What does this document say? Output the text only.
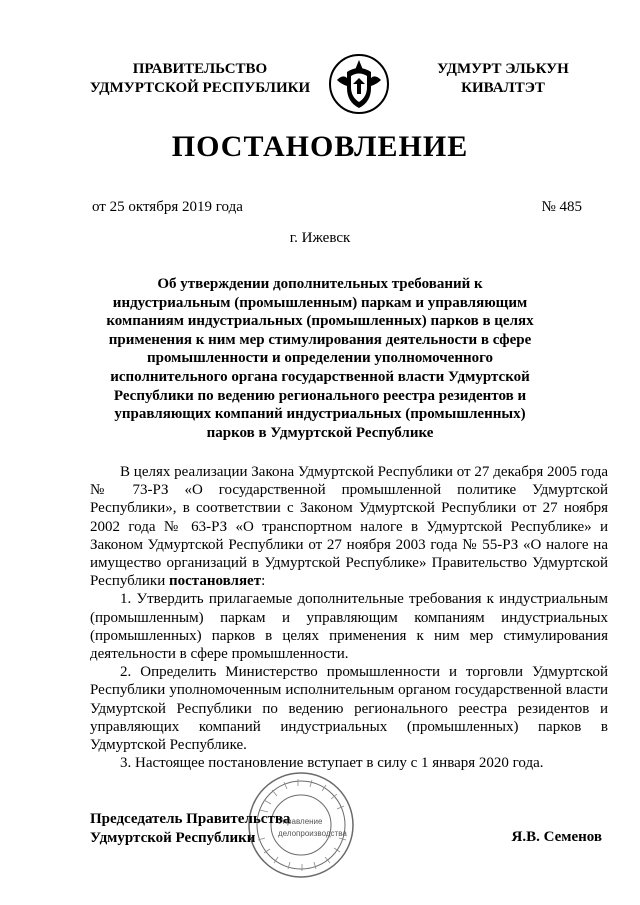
ПРАВИТЕЛЬСТВО
УДМУРТСКОЙ РЕСПУБЛИКИ
УДМУРТ ЭЛЬКУН
КИВАЛТЭТ
ПОСТАНОВЛЕНИЕ
от 25 октября 2019 года	№ 485
г. Ижевск
Об утверждении дополнительных требований к индустриальным (промышленным) паркам и управляющим компаниям индустриальных (промышленных) парков в целях применения к ним мер стимулирования деятельности в сфере промышленности и определении уполномоченного исполнительного органа государственной власти Удмуртской Республики по ведению регионального реестра резидентов и управляющих компаний индустриальных (промышленных) парков в Удмуртской Республике

В целях реализации Закона Удмуртской Республики от 27 декабря 2005 года № 73-РЗ «О государственной промышленной политике Удмуртской Республики», в соответствии с Законом Удмуртской Республики от 27 ноября 2002 года № 63-РЗ «О транспортном налоге в Удмуртской Республике» и Законом Удмуртской Республики от 27 ноября 2003 года № 55-РЗ «О налоге на имущество организаций в Удмуртской Республике» Правительство Удмуртской Республики постановляет:

1. Утвердить прилагаемые дополнительные требования к индустриальным (промышленным) паркам и управляющим компаниям индустриальных (промышленных) парков в целях применения к ним мер стимулирования деятельности в сфере промышленности.

2. Определить Министерство промышленности и торговли Удмуртской Республики уполномоченным исполнительным органом государственной власти Удмуртской Республики по ведению регионального реестра резидентов и управляющих компаний индустриальных (промышленных) парков в Удмуртской Республике.

3. Настоящее постановление вступает в силу с 1 января 2020 года.

Управление
делопроизводства
Председатель Правительства
Удмуртской Республики	Я.В. Семенов
